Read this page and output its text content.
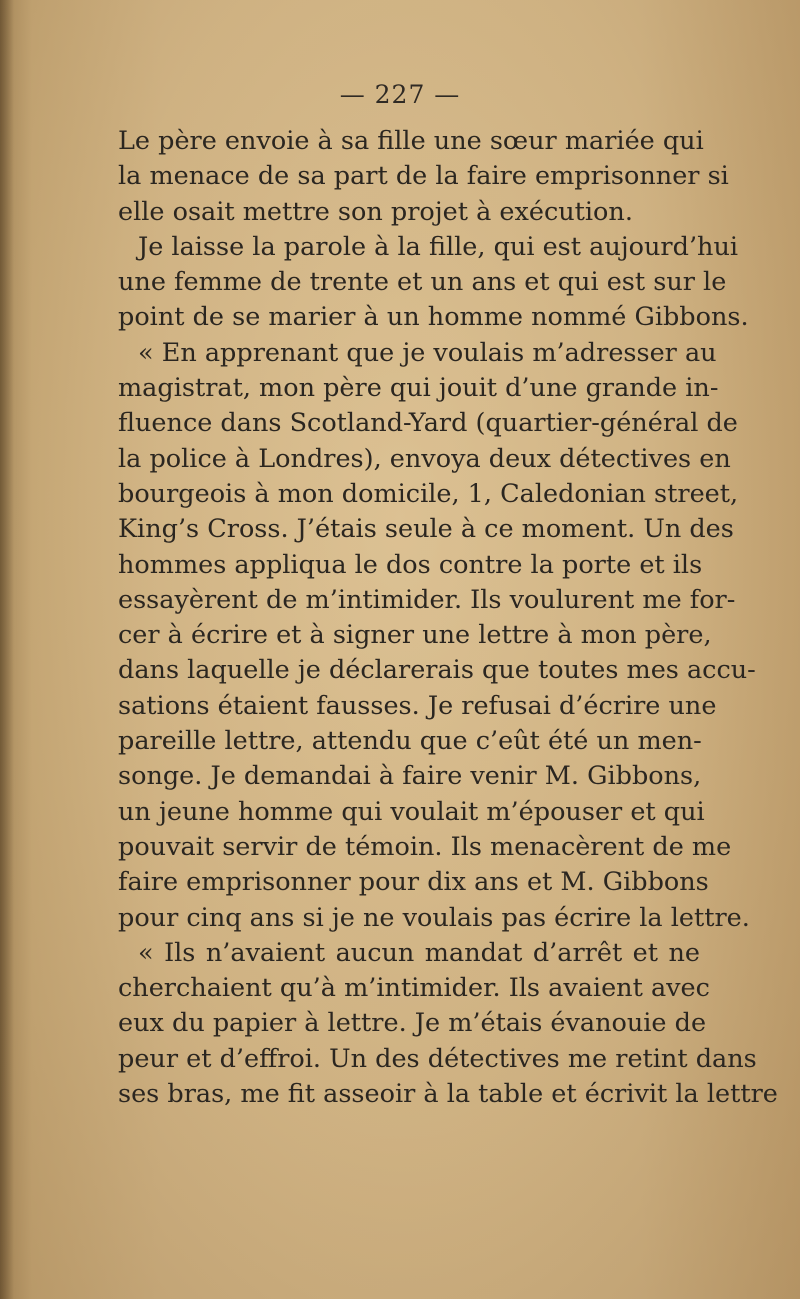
— 227 —
Le père envoie à sa fille une sœur mariée qui
la menace de sa part de la faire emprisonner si
elle osait mettre son projet à exécution.
Je laisse la parole à la fille, qui est aujourd’hui
une femme de trente et un ans et qui est sur le
point de se marier à un homme nommé Gibbons.
« En apprenant que je voulais m’adresser au
magistrat, mon père qui jouit d’une grande in-
fluence dans Scotland-Yard (quartier-général de
la police à Londres), envoya deux détectives en
bourgeois à mon domicile, 1, Caledonian street,
King’s Cross. J’étais seule à ce moment. Un des
hommes appliqua le dos contre la porte et ils
essayèrent de m’intimider. Ils voulurent me for-
cer à écrire et à signer une lettre à mon père,
dans laquelle je déclarerais que toutes mes accu-
sations étaient fausses. Je refusai d’écrire une
pareille lettre, attendu que c’eût été un men-
songe. Je demandai à faire venir M. Gibbons,
un jeune homme qui voulait m’épouser et qui
pouvait servir de témoin. Ils menacèrent de me
faire emprisonner pour dix ans et M. Gibbons
pour cinq ans si je ne voulais pas écrire la lettre.
« Ils n’avaient aucun mandat d’arrêt et ne
cherchaient qu’à m’intimider. Ils avaient avec
eux du papier à lettre. Je m’étais évanouie de
peur et d’effroi. Un des détectives me retint dans
ses bras, me fit asseoir à la table et écrivit la lettre
